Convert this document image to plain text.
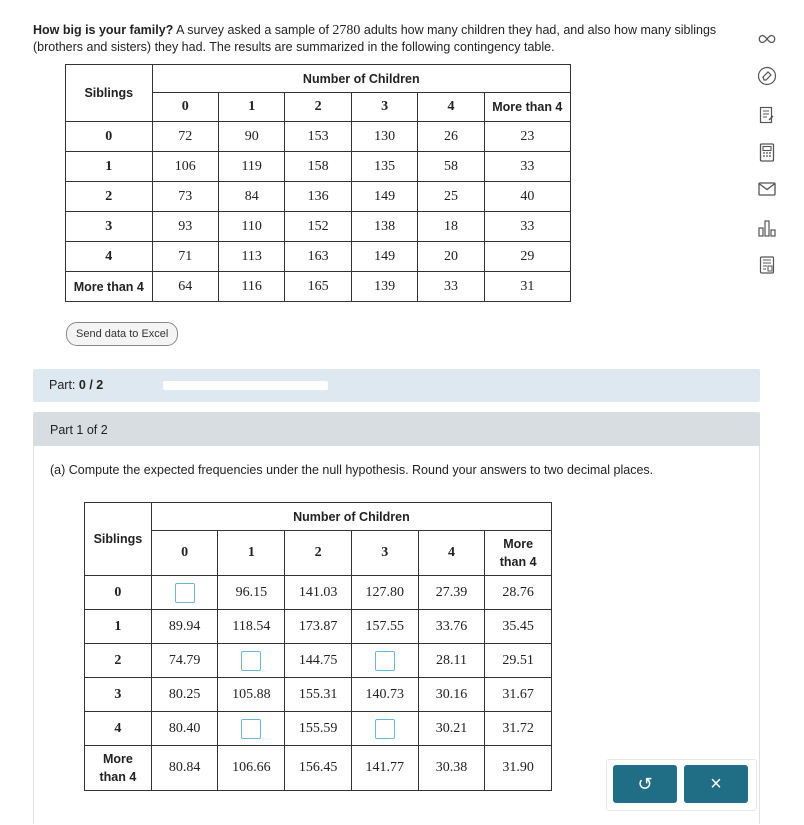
How big is your family? A survey asked a sample of 2780 adults how many children they had, and also how many siblings (brothers and sisters) they had. The results are summarized in the following contingency table.
Siblings	Number of Children					
	0	1	2	3	4	More than 4
0	72	90	153	130	26	23
1	106	119	158	135	58	33
2	73	84	136	149	25	40
3	93	110	152	138	18	33
4	71	113	163	149	20	29
More than 4	64	116	165	139	33	31
Send data to Excel
Part: 0 / 2
Part 1 of 2
(a) Compute the expected frequencies under the null hypothesis. Round your answers to two decimal places.
Siblings	Number of Children					
	0	1	2	3	4	More
than 4
0		96.15	141.03	127.80	27.39	28.76
1	89.94	118.54	173.87	157.55	33.76	35.45
2	74.79		144.75		28.11	29.51
3	80.25	105.88	155.31	140.73	30.16	31.67
4	80.40		155.59		30.21	31.72
More
than 4	80.84	106.66	156.45	141.77	30.38	31.90
↺	×
